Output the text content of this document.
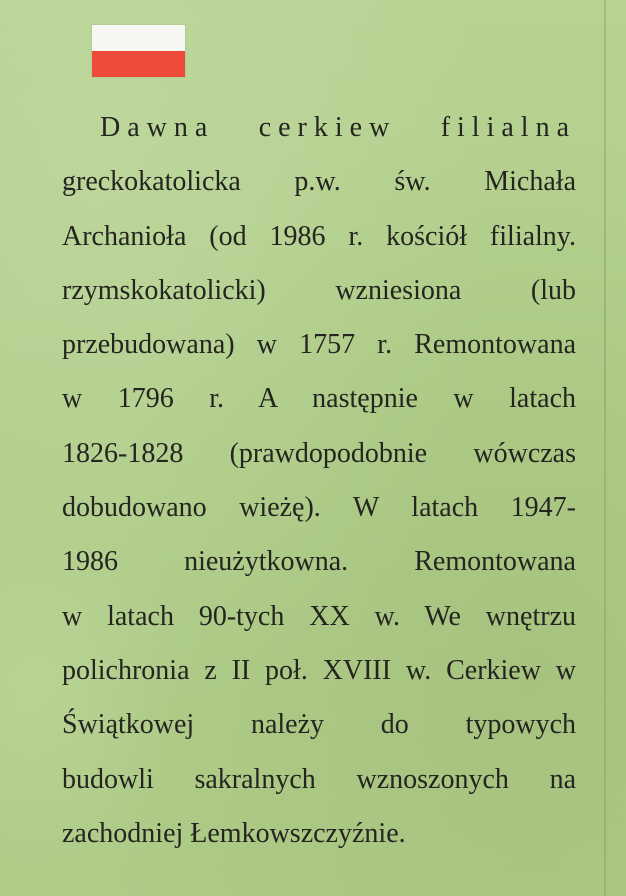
Dawna cerkiew filialna
greckokatolicka p.w. św. Michała
Archanioła (od 1986 r. kościół filialny.
rzymskokatolicki) wzniesiona (lub
przebudowana) w 1757 r. Remontowana
w 1796 r. A następnie w latach
1826-1828 (prawdopodobnie wówczas
dobudowano wieżę). W latach 1947-
1986 nieużytkowna. Remontowana
w latach 90-tych XX w. We wnętrzu
polichronia z II poł. XVIII w. Cerkiew w
Świątkowej należy do typowych
budowli sakralnych wznoszonych na
zachodniej Łemkowszczyźnie.
